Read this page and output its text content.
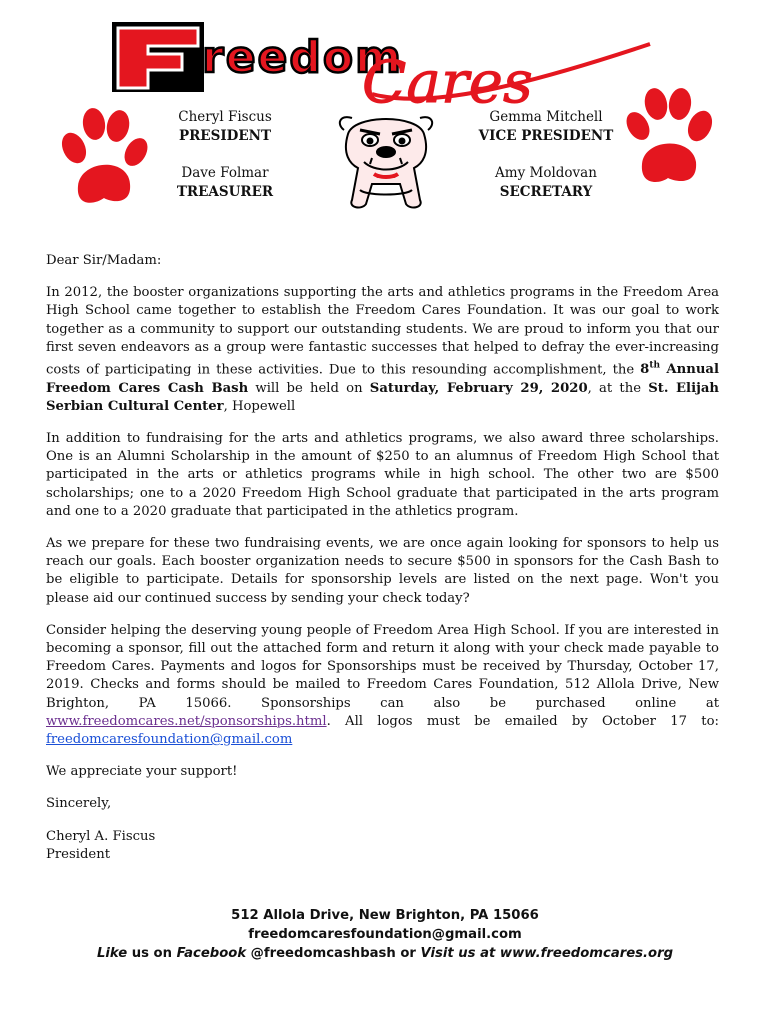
reedom
Cares
Cheryl Fiscus
PRESIDENT
Gemma Mitchell
VICE PRESIDENT
Dave Folmar
TREASURER
Amy Moldovan
SECRETARY

Dear Sir/Madam:

In 2012, the booster organizations supporting the arts and athletics programs in the Freedom Area High School came together to establish the Freedom Cares Foundation. It was our goal to work together as a community to support our outstanding students. We are proud to inform you that our first seven endeavors as a group were fantastic successes that helped to defray the ever-increasing costs of participating in these activities. Due to this resounding accomplishment, the 8th Annual Freedom Cares Cash Bash will be held on Saturday, February 29, 2020, at the St. Elijah Serbian Cultural Center, Hopewell

In addition to fundraising for the arts and athletics programs, we also award three scholarships. One is an Alumni Scholarship in the amount of $250 to an alumnus of Freedom High School that participated in the arts or athletics programs while in high school. The other two are $500 scholarships; one to a 2020 Freedom High School graduate that participated in the arts program and one to a 2020 graduate that participated in the athletics program.

As we prepare for these two fundraising events, we are once again looking for sponsors to help us reach our goals. Each booster organization needs to secure $500 in sponsors for the Cash Bash to be eligible to participate. Details for sponsorship levels are listed on the next page. Won't you please aid our continued success by sending your check today?

Consider helping the deserving young people of Freedom Area High School. If you are interested in becoming a sponsor, fill out the attached form and return it along with your check made payable to Freedom Cares. Payments and logos for Sponsorships must be received by Thursday, October 17, 2019. Checks and forms should be mailed to Freedom Cares Foundation, 512 Allola Drive, New Brighton, PA 15066. Sponsorships can also be purchased online at www.freedomcares.net/sponsorships.html. All logos must be emailed by October 17 to: freedomcaresfoundation@gmail.com

We appreciate your support!

Sincerely,

Cheryl A. Fiscus
President

512 Allola Drive, New Brighton, PA 15066
freedomcaresfoundation@gmail.com
Like us on Facebook @freedomcashbash or Visit us at www.freedomcares.org
